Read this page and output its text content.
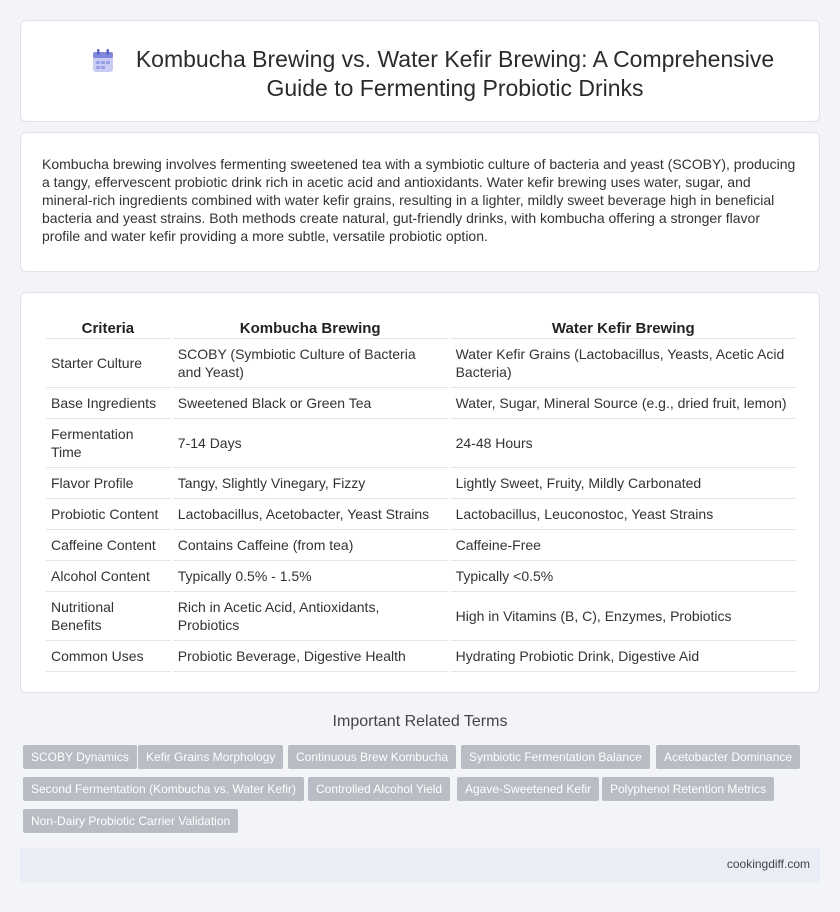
Kombucha Brewing vs. Water Kefir Brewing: A Comprehensive Guide to Fermenting Probiotic Drinks

Kombucha brewing involves fermenting sweetened tea with a symbiotic culture of bacteria and yeast (SCOBY), producing a tangy, effervescent probiotic drink rich in acetic acid and antioxidants. Water kefir brewing uses water, sugar, and mineral-rich ingredients combined with water kefir grains, resulting in a lighter, mildly sweet beverage high in beneficial bacteria and yeast strains. Both methods create natural, gut-friendly drinks, with kombucha offering a stronger flavor profile and water kefir providing a more subtle, versatile probiotic option.

Criteria	Kombucha Brewing	Water Kefir Brewing
Starter Culture	SCOBY (Symbiotic Culture of Bacteria and Yeast)	Water Kefir Grains (Lactobacillus, Yeasts, Acetic Acid Bacteria)
Base Ingredients	Sweetened Black or Green Tea	Water, Sugar, Mineral Source (e.g., dried fruit, lemon)
Fermentation Time	7-14 Days	24-48 Hours
Flavor Profile	Tangy, Slightly Vinegary, Fizzy	Lightly Sweet, Fruity, Mildly Carbonated
Probiotic Content	Lactobacillus, Acetobacter, Yeast Strains	Lactobacillus, Leuconostoc, Yeast Strains
Caffeine Content	Contains Caffeine (from tea)	Caffeine-Free
Alcohol Content	Typically 0.5% - 1.5%	Typically <0.5%
Nutritional Benefits	Rich in Acetic Acid, Antioxidants, Probiotics	High in Vitamins (B, C), Enzymes, Probiotics
Common Uses	Probiotic Beverage, Digestive Health	Hydrating Probiotic Drink, Digestive Aid
Important Related Terms
SCOBY Dynamics	Kefir Grains Morphology	Continuous Brew Kombucha	Symbiotic Fermentation Balance	Acetobacter Dominance
Second Fermentation (Kombucha vs. Water Kefir)	Controlled Alcohol Yield	Agave-Sweetened Kefir	Polyphenol Retention Metrics
Non-Dairy Probiotic Carrier Validation
cookingdiff.com
